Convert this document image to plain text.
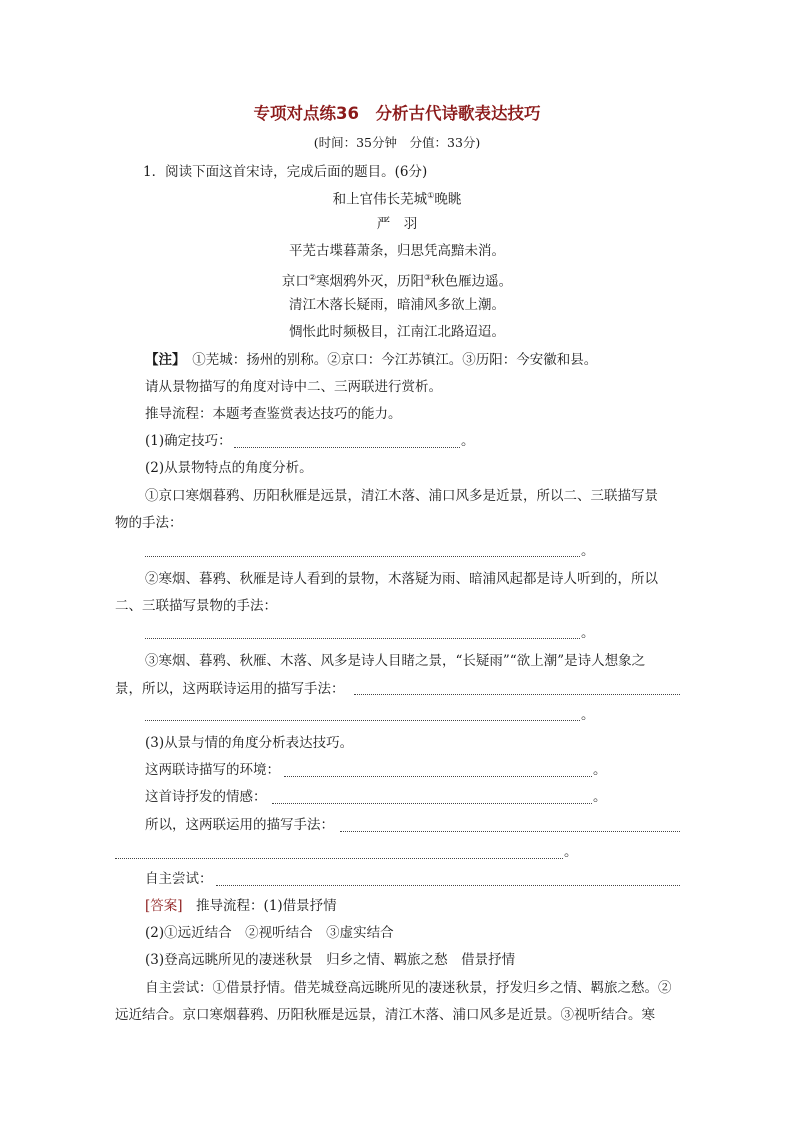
专项对点练36　分析古代诗歌表达技巧
(时间：35分钟　分值：33分)
1．阅读下面这首宋诗，完成后面的题目。(6分)
和上官伟长芜城①晚眺
严　羽
平芜古堞暮萧条，归思凭高黯未消。
京口②寒烟鸦外灭，历阳③秋色雁边遥。
清江木落长疑雨，暗浦风多欲上潮。
惆怅此时频极目，江南江北路迢迢。
【注】　 ①芜城：扬州的别称。②京口：今江苏镇江。③历阳：今安徽和县。
请从景物描写的角度对诗中二、三两联进行赏析。
推导流程：本题考查鉴赏表达技巧的能力。
(1)确定技巧：	。
(2)从景物特点的角度分析。
①京口寒烟暮鸦、历阳秋雁是远景，清江木落、浦口风多是近景，所以二、三联描写景
物的手法：
。
②寒烟、暮鸦、秋雁是诗人看到的景物，木落疑为雨、暗浦风起都是诗人听到的，所以
二、三联描写景物的手法：
。
③寒烟、暮鸦、秋雁、木落、风多是诗人目睹之景，“长疑雨”“欲上潮”是诗人想象之
景，所以，这两联诗运用的描写手法：
。
(3)从景与情的角度分析表达技巧。
这两联诗描写的环境：	。
这首诗抒发的情感：	。
所以，这两联运用的描写手法：
。
自主尝试：
[答案]　 推导流程：(1)借景抒情
(2)①远近结合　②视听结合　③虚实结合
(3)登高远眺所见的凄迷秋景　归乡之情、羁旅之愁　借景抒情
自主尝试：①借景抒情。借芜城登高远眺所见的凄迷秋景，抒发归乡之情、羁旅之愁。②
远近结合。京口寒烟暮鸦、历阳秋雁是远景，清江木落、浦口风多是近景。③视听结合。寒
